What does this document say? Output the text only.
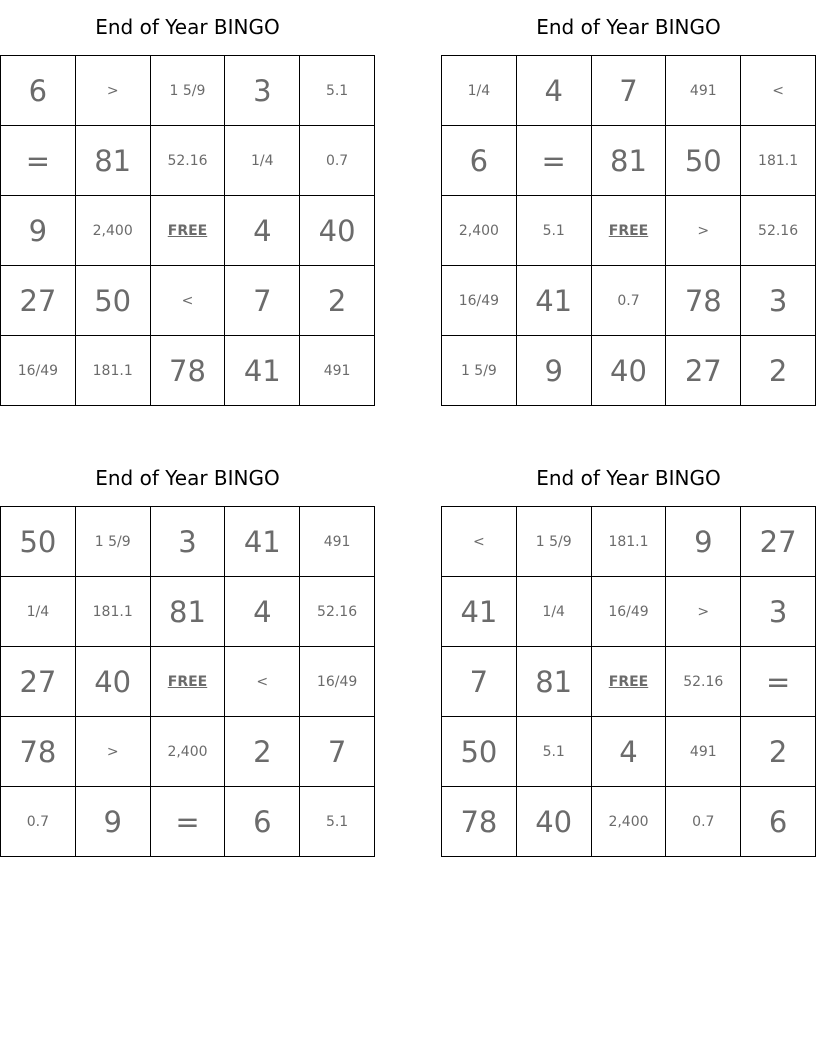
End of Year BINGO
6	>	1 5/9	3	5.1
=	81	52.16	1/4	0.7
9	2,400	FREE	4	40
27	50	<	7	2
16/49	181.1	78	41	491
End of Year BINGO
1/4	4	7	491	<
6	=	81	50	181.1
2,400	5.1	FREE	>	52.16
16/49	41	0.7	78	3
1 5/9	9	40	27	2
End of Year BINGO
50	1 5/9	3	41	491
1/4	181.1	81	4	52.16
27	40	FREE	<	16/49
78	>	2,400	2	7
0.7	9	=	6	5.1
End of Year BINGO
<	1 5/9	181.1	9	27
41	1/4	16/49	>	3
7	81	FREE	52.16	=
50	5.1	4	491	2
78	40	2,400	0.7	6
